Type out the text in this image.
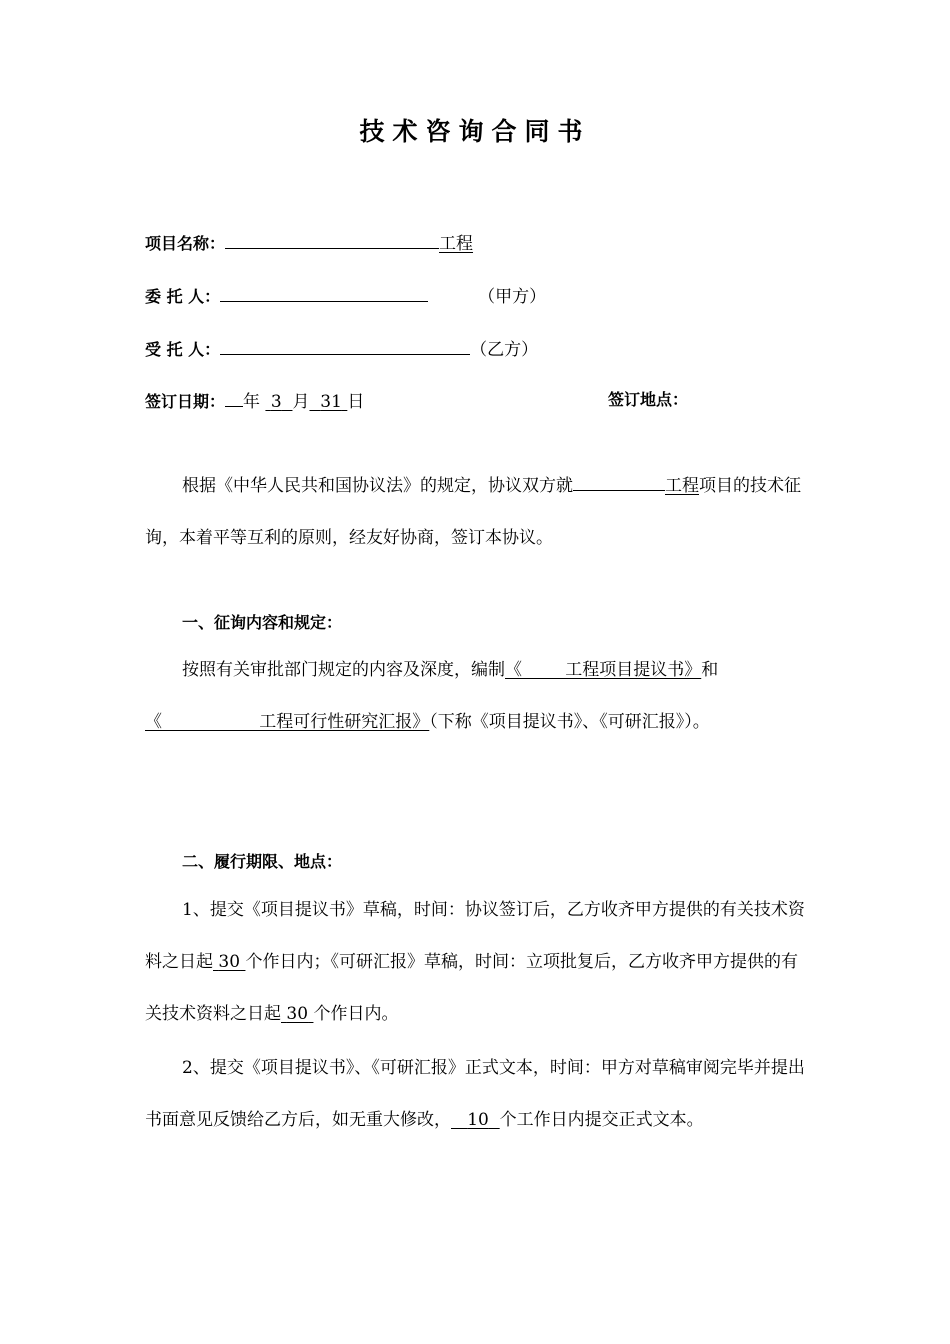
技术咨询合同书
项目名称：	工程
委 托 人：	（甲方）
受 托 人：	（乙方）
签订日期： 年 3 月 31 日	签订地点：

根据《中华人民共和国协议法》的规定，协议双方就	工程项目的技术征询，本着平等互利的原则，经友好协商，签订本协议。

一、征询内容和规定：

按照有关审批部门规定的内容及深度，编制《        工程项目提议书》和《                  工程可行性研究汇报》（下称《项目提议书》、《可研汇报》）。

二、履行期限、地点：

1、提交《项目提议书》草稿，时间：协议签订后，乙方收齐甲方提供的有关技术资料之日起 30 个作日内；《可研汇报》草稿，时间：立项批复后，乙方收齐甲方提供的有关技术资料之日起 30 个作日内。

2、提交《项目提议书》、《可研汇报》正式文本，时间：甲方对草稿审阅完毕并提出书面意见反馈给乙方后，如无重大修改， 10 个工作日内提交正式文本。
